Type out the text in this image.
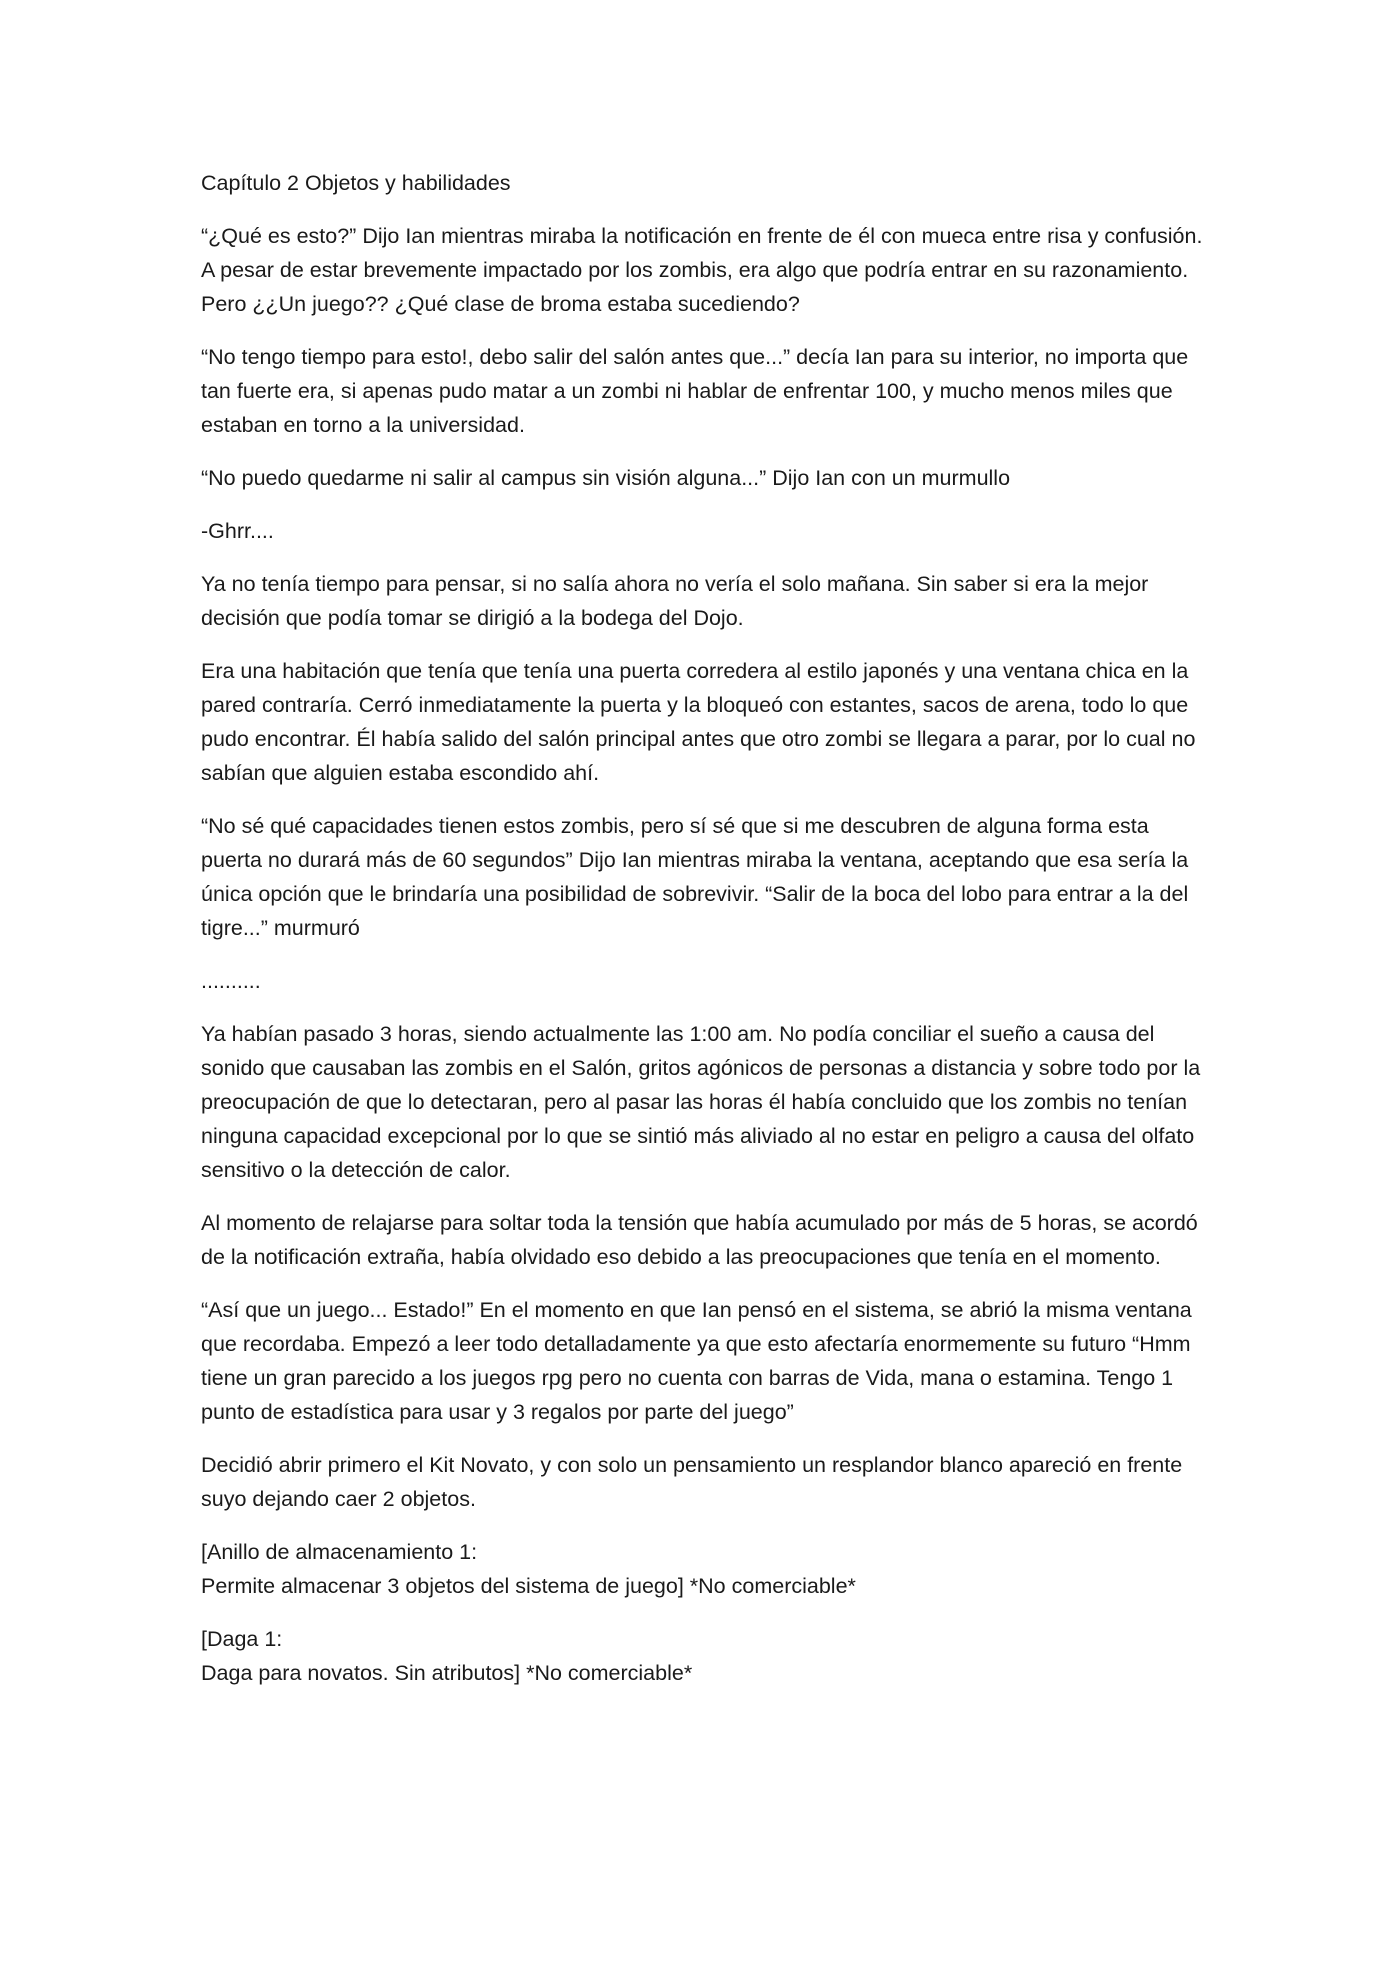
Capítulo 2 Objetos y habilidades

“¿Qué es esto?” Dijo Ian mientras miraba la notificación en frente de él con mueca entre risa y confusión. A pesar de estar brevemente impactado por los zombis, era algo que podría entrar en su razonamiento. Pero ¿¿Un juego?? ¿Qué clase de broma estaba sucediendo?

“No tengo tiempo para esto!, debo salir del salón antes que...” decía Ian para su interior, no importa que tan fuerte era, si apenas pudo matar a un zombi ni hablar de enfrentar 100, y mucho menos miles que estaban en torno a la universidad.

“No puedo quedarme ni salir al campus sin visión alguna...” Dijo Ian con un murmullo

-Ghrr....

Ya no tenía tiempo para pensar, si no salía ahora no vería el solo mañana. Sin saber si era la mejor decisión que podía tomar se dirigió a la bodega del Dojo.

Era una habitación que tenía que tenía una puerta corredera al estilo japonés y una ventana chica en la pared contraría. Cerró inmediatamente la puerta y la bloqueó con estantes, sacos de arena, todo lo que pudo encontrar. Él había salido del salón principal antes que otro zombi se llegara a parar, por lo cual no sabían que alguien estaba escondido ahí.

“No sé qué capacidades tienen estos zombis, pero sí sé que si me descubren de alguna forma esta puerta no durará más de 60 segundos” Dijo Ian mientras miraba la ventana, aceptando que esa sería la única opción que le brindaría una posibilidad de sobrevivir. “Salir de la boca del lobo para entrar a la del tigre...” murmuró

..........

Ya habían pasado 3 horas, siendo actualmente las 1:00 am. No podía conciliar el sueño a causa del sonido que causaban las zombis en el Salón, gritos agónicos de personas a distancia y sobre todo por la preocupación de que lo detectaran, pero al pasar las horas él había concluido que los zombis no tenían ninguna capacidad excepcional por lo que se sintió más aliviado al no estar en peligro a causa del olfato sensitivo o la detección de calor.

Al momento de relajarse para soltar toda la tensión que había acumulado por más de 5 horas, se acordó de la notificación extraña, había olvidado eso debido a las preocupaciones que tenía en el momento.

“Así que un juego... Estado!” En el momento en que Ian pensó en el sistema, se abrió la misma ventana que recordaba. Empezó a leer todo detalladamente ya que esto afectaría enormemente su futuro “Hmm tiene un gran parecido a los juegos rpg pero no cuenta con barras de Vida, mana o estamina. Tengo 1 punto de estadística para usar y 3 regalos por parte del juego”

Decidió abrir primero el Kit Novato, y con solo un pensamiento un resplandor blanco apareció en frente suyo dejando caer 2 objetos.

[Anillo de almacenamiento 1:
Permite almacenar 3 objetos del sistema de juego] *No comerciable*

[Daga 1:
Daga para novatos. Sin atributos] *No comerciable*
